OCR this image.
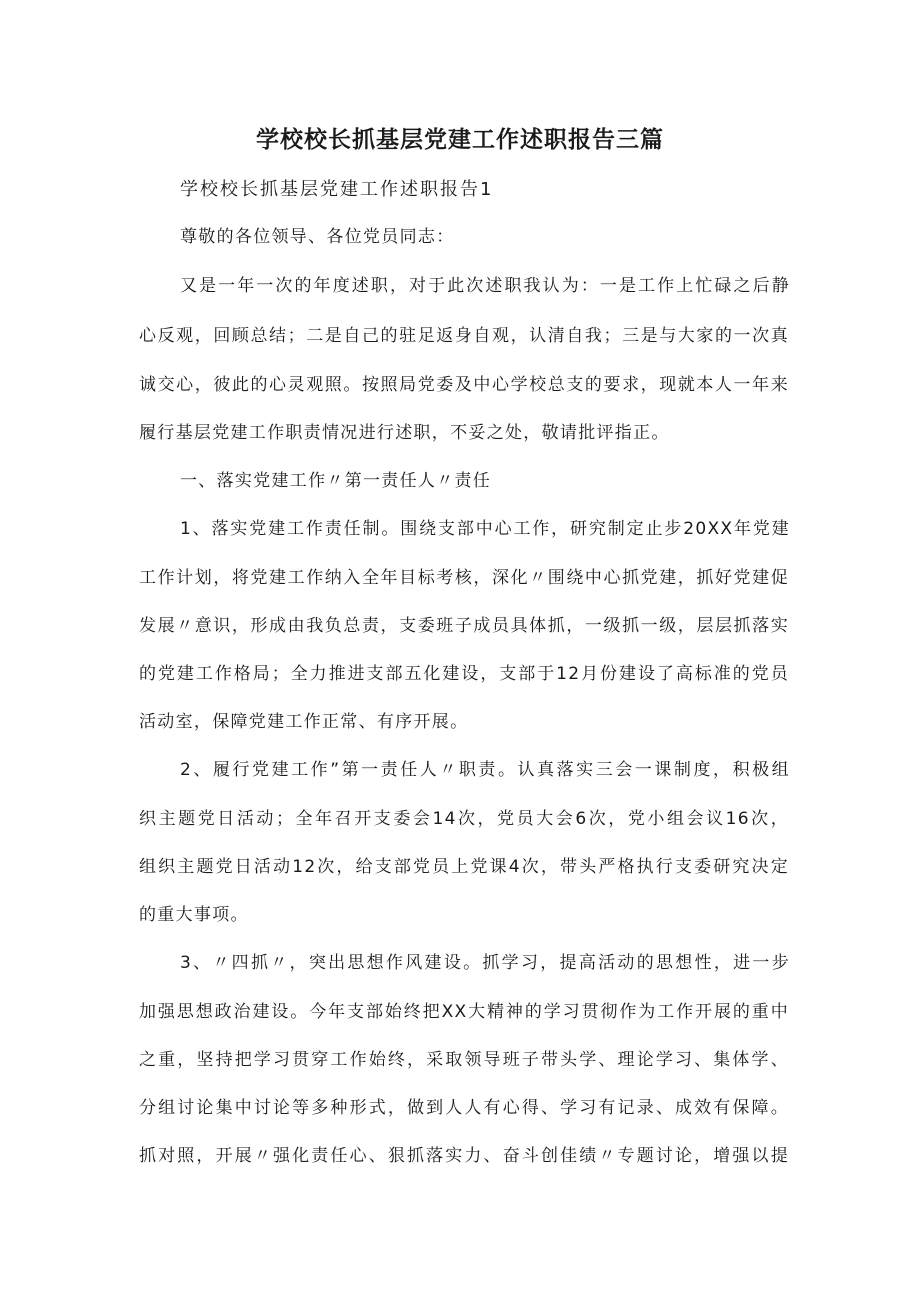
学校校长抓基层党建工作述职报告三篇
学校校长抓基层党建工作述职报告1
尊敬的各位领导、各位党员同志：
又是一年一次的年度述职，对于此次述职我认为：一是工作上忙碌之后静
心反观，回顾总结；二是自己的驻足返身自观，认清自我；三是与大家的一次真
诚交心，彼此的心灵观照。按照局党委及中心学校总支的要求，现就本人一年来
履行基层党建工作职责情况进行述职，不妥之处，敬请批评指正。
一、落实党建工作〃第一责任人〃责任
1、落实党建工作责任制。围绕支部中心工作，研究制定止步20XX年党建
工作计划，将党建工作纳入全年目标考核，深化〃围绕中心抓党建，抓好党建促
发展〃意识，形成由我负总责，支委班子成员具体抓，一级抓一级，层层抓落实
的党建工作格局；全力推进支部五化建设，支部于12月份建设了高标准的党员
活动室，保障党建工作正常、有序开展。
2、履行党建工作”第一责任人〃职责。认真落实三会一课制度，积极组
织主题党日活动；全年召开支委会14次，党员大会6次，党小组会议16次，
组织主题党日活动12次，给支部党员上党课4次，带头严格执行支委研究决定
的重大事项。
3、〃四抓〃，突出思想作风建设。抓学习，提高活动的思想性，进一步
加强思想政治建设。今年支部始终把XX大精神的学习贯彻作为工作开展的重中
之重，坚持把学习贯穿工作始终，采取领导班子带头学、理论学习、集体学、
分组讨论集中讨论等多种形式，做到人人有心得、学习有记录、成效有保障。
抓对照，开展〃强化责任心、狠抓落实力、奋斗创佳绩〃专题讨论，增强以提
